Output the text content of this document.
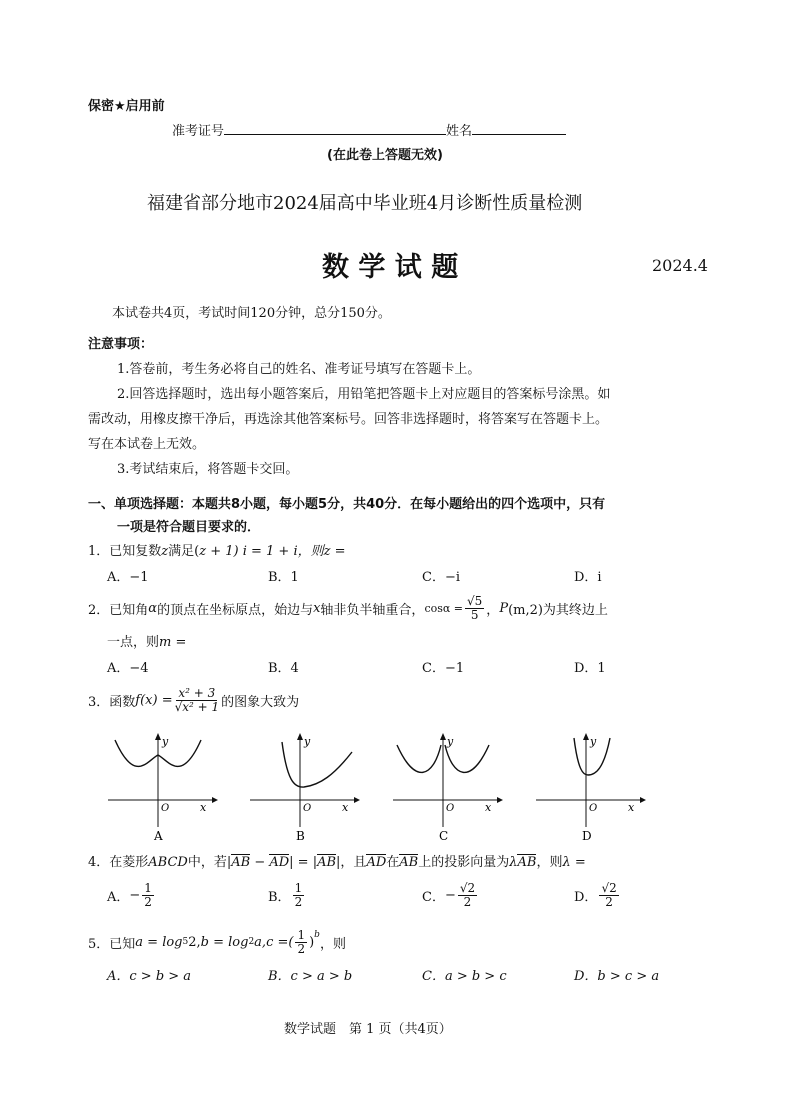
保密★启用前
准考证号	姓名
(在此卷上答题无效)
福建省部分地市2024届高中毕业班4月诊断性质量检测
数 学 试 题	2024.4
本试卷共4页，考试时间120分钟，总分150分。
注意事项：
1.答卷前，考生务必将自己的姓名、准考证号填写在答题卡上。
2.回答选择题时，选出每小题答案后，用铅笔把答题卡上对应题目的答案标号涂黑。如
需改动，用橡皮擦干净后，再选涂其他答案标号。回答非选择题时，将答案写在答题卡上。
写在本试卷上无效。
3.考试结束后，将答题卡交回。
一、单项选择题：本题共8小题，每小题5分，共40分．在每小题给出的四个选项中，只有
一项是符合题目要求的．
1．已知复数z满足(z + 1) i = 1 + i，则z =
A．−1	B．1	C．−i	D．i
2．已知角 α 的顶点在坐标原点，始边与 x 轴非负半轴重合， $\cos\alpha = \frac{√5}{5}$ ， P (m,2)为其终边上
一点，则m =
A．−4	B．4	C．−1	D．1
3．函数 f $(x) = \frac{\text{x² + 3}}{\text{√x² + 1}}$ 的图象大致为
y
O	x
A
y
O	x
B
y
O	x
C
y
O	x
D
4．在菱形ABCD中，若|AB − AD| = |AB|，且AD在AB上的投影向量为λAB，则λ =
A． − $\frac{1}{2}$	B． $\frac{1}{2}$	C． − $\frac{√2}{2}$	D． $\frac{√2}{2}$
5．已知 a = log 5 2, b = log 2 a, c =( $\frac{1}{2} )^b$
，则
A．c > b > a	B．c > a > b	C．a > b > c	D．b > c > a
数学试题　第 1 页（共4页）
